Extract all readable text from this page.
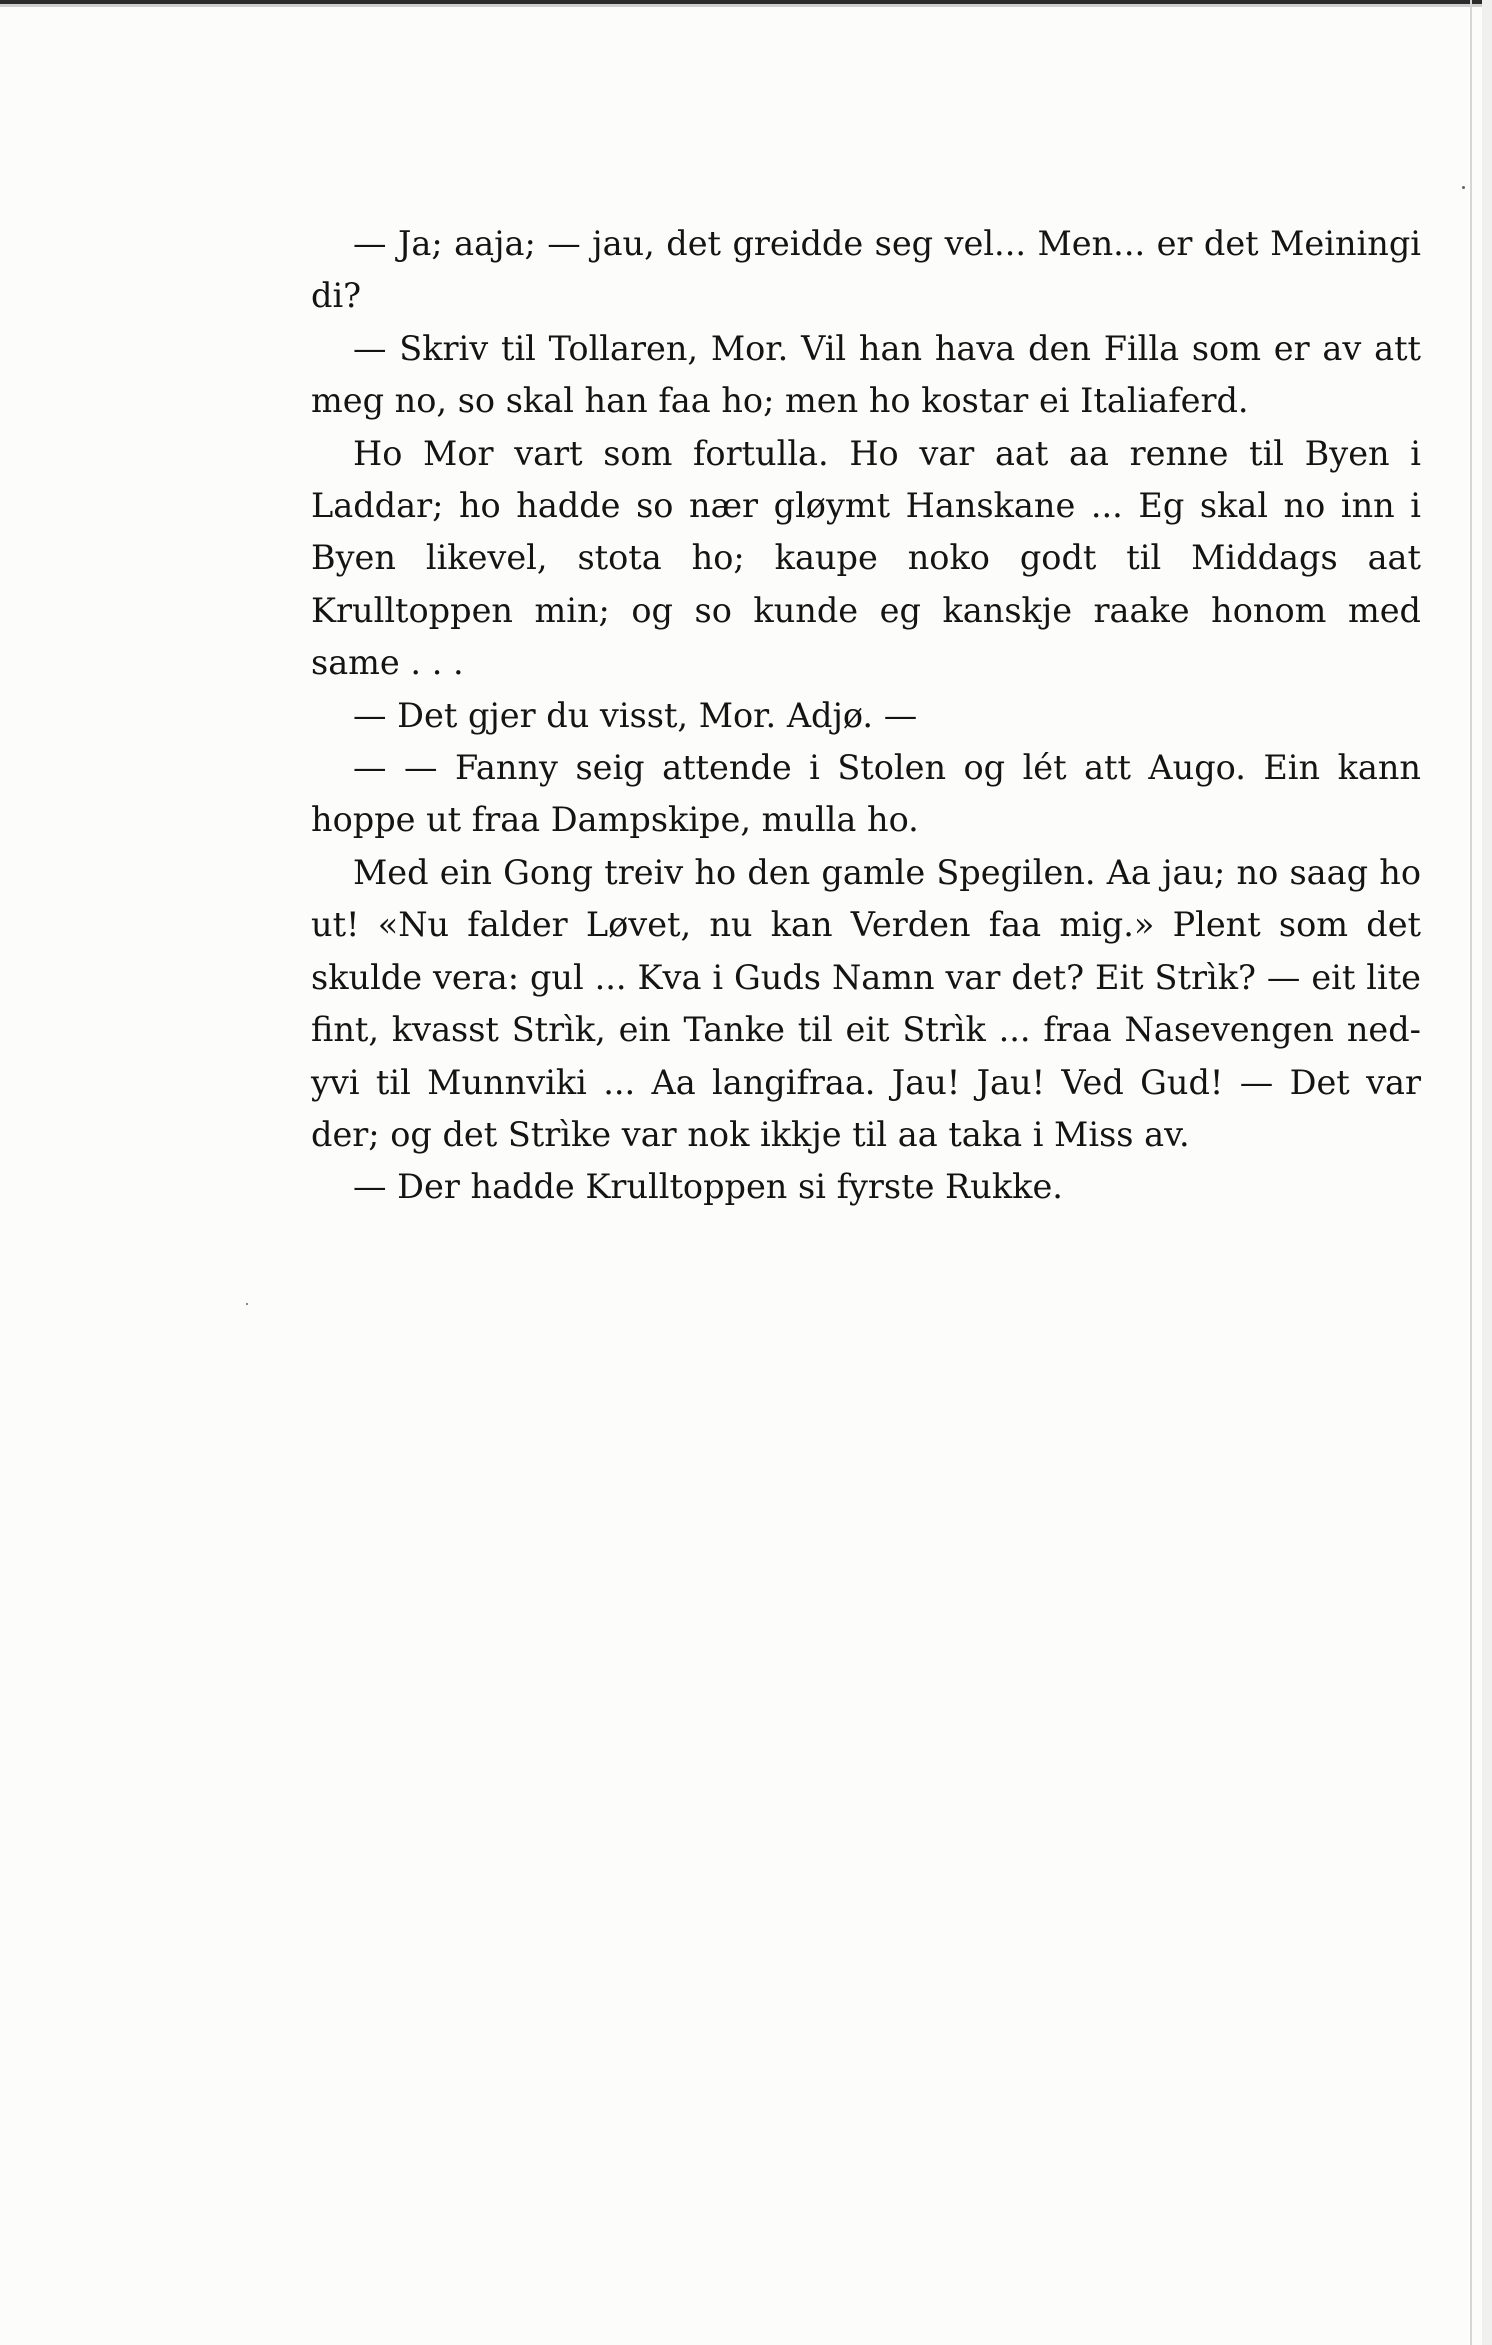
— Ja; aaja; — jau, det greidde seg vel... Men... er det Meiningi di?

— Skriv til Tollaren, Mor. Vil han hava den Filla som er av att meg no, so skal han faa ho; men ho kostar ei Italiaferd.

Ho Mor vart som fortulla. Ho var aat aa renne til Byen i Laddar; ho hadde so nær gløymt Hanskane ... Eg skal no inn i Byen likevel, stota ho; kaupe noko godt til Middags aat Krulltoppen min; og so kunde eg kanskje raake honom med same . . .

— Det gjer du visst, Mor. Adjø. —

— — Fanny seig attende i Stolen og lét att Augo. Ein kann hoppe ut fraa Dampskipe, mulla ho.

Med ein Gong treiv ho den gamle Spegilen. Aa jau; no saag ho ut! «Nu falder Løvet, nu kan Verden faa mig.» Plent som det skulde vera: gul ... Kva i Guds Namn var det? Eit Strìk? — eit lite fint, kvasst Strìk, ein Tanke til eit Strìk ... fraa Nasevengen ned-yvi til Munnviki ... Aa langifraa. Jau! Jau! Ved Gud! — Det var der; og det Strìke var nok ikkje til aa taka i Miss av.

— Der hadde Krulltoppen si fyrste Rukke.
